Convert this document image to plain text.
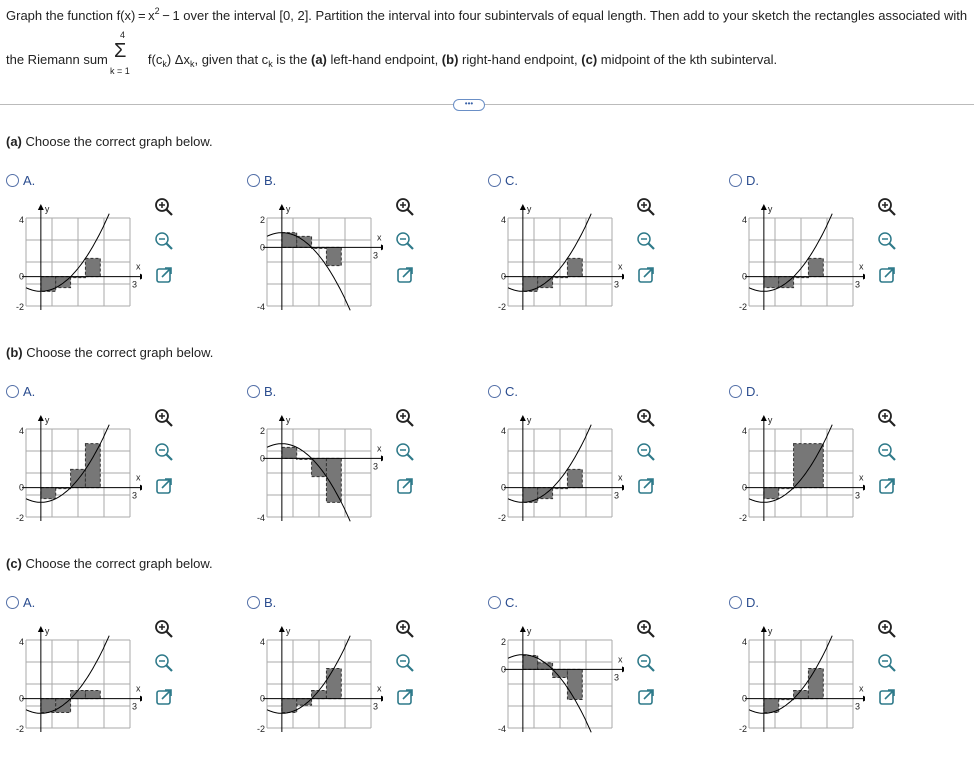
Graph the function $f(x) = x^2 - 1$ over the interval [0, 2]. Partition the interval into four subintervals of equal length. Then add to your sketch the rectangles associated with
the Riemann sum	$f(c_k)$ $\Delta x_k$, given that $c_k$ is the (a) left-hand endpoint, (b) right-hand endpoint, (c) midpoint of the kth subinterval.
4
Σ
k = 1
•••
(a) Choose the correct graph below.
(b) Choose the correct graph below.
(c) Choose the correct graph below.
A.
y
x
3
0
4
-2
B.
y
x
3
0
2
-4
C.
y
x
3
0
4
-2
D.
y
x
3
0
4
-2
A.
y
x
3
0
4
-2
B.
y
x
3
0
2
-4
C.
y
x
3
0
4
-2
D.
y
x
3
0
4
-2
A.
y
x
3
0
4
-2
B.
y
x
3
0
4
-2
C.
y
x
3
0
2
-4
D.
y
x
3
0
4
-2
